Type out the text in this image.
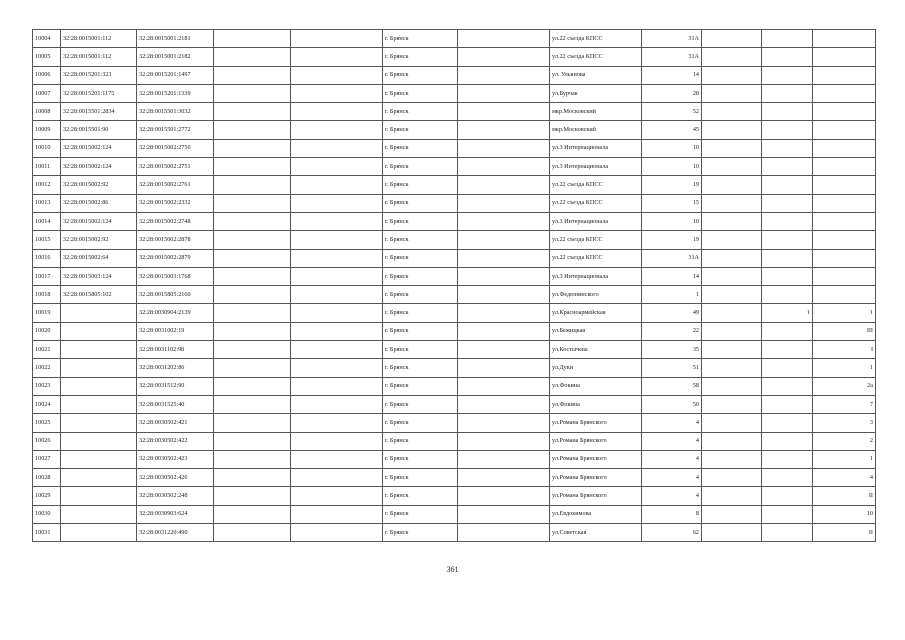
10004	32:28:0015001:112	32:28:0015001:2181			г. Брянск		ул.22 съезда КПСС	31А			
10005	32:28:0015001:112	32:28:0015001:2182			г. Брянск		ул.22 съезда КПСС	31А			
10006	32:28:0015201:323	32:28:0015201:1497			г. Брянск		ул. Ульянова	14			
10007	32:28:0015201:1175	32:28:0015201:1339			г. Брянск		ул.Бурчак	28			
10008	32:28:0015501:2834	32:28:0015501:3032			г. Брянск		мкр.Московский	52			
10009	32:28:0015501:90	32:28:0015501:2772			г. Брянск		мкр.Московский	45			
10010	32:28:0015002:124	32:28:0015002:2750			г. Брянск		ул.3 Интернационала	10			
10011	32:28:0015002:124	32:28:0015002:2751			г. Брянск		ул.3 Интернационала	10			
10012	32:28:0015002:92	32:28:0015002:2761			г. Брянск		ул.22 съезда КПСС	19			
10013	32:28:0015002:86	32:28:0015002:2332			г. Брянск		ул.22 съезда КПСС	15			
10014	32:28:0015002:124	32:28:0015002:2748			г. Брянск		ул.3 Интернационала	10			
10015	32:28:0015002:92	32:28:0015002:2878			г. Брянск		ул.22 съезда КПСС	19			
10016	32:28:0015002:64	32:28:0015002:2879			г. Брянск		ул.22 съезда КПСС	31А			
10017	32:28:0015003:124	32:28:0015003:1768			г. Брянск		ул.3 Интернационала	14			
10018	32:28:0015805:102	32:28:0015805:2160			г. Брянск		ул.Федюнинского	1			
10019		32:28:0030904:2139			г. Брянск		ул.Красноармейская	49		1	1
10020		32:28:0031002:19			г. Брянск		ул.Бежицкая	22			III
10021		32:28:0031102:98			г. Брянск		ул.Костычева	35			I
10022		32:28:0031202:86			г. Брянск		ул.Дуки	51			1
10023		32:28:0031512:90			г. Брянск		ул.Фокина	58			2а
10024		32:28:0031525:40			г. Брянск		ул.Фокина	50			7
10025		32:28:0030502:421			г. Брянск		ул.Романа Брянского	4			3
10026		32:28:0030502:422			г. Брянск		ул.Романа Брянского	4			2
10027		32:28:0030502:423			г. Брянск		ул.Романа Брянского	4			1
10028		32:28:0030502:426			г. Брянск		ул.Романа Брянского	4			4
10029		32:28:0030502:248			г. Брянск		ул.Романа Брянского	4			II
10030		32:28:0030903:624			г. Брянск		ул.Евдокимова	8			10
10031		32:28:0031220:490			г. Брянск		ул.Советская	62			II
361
